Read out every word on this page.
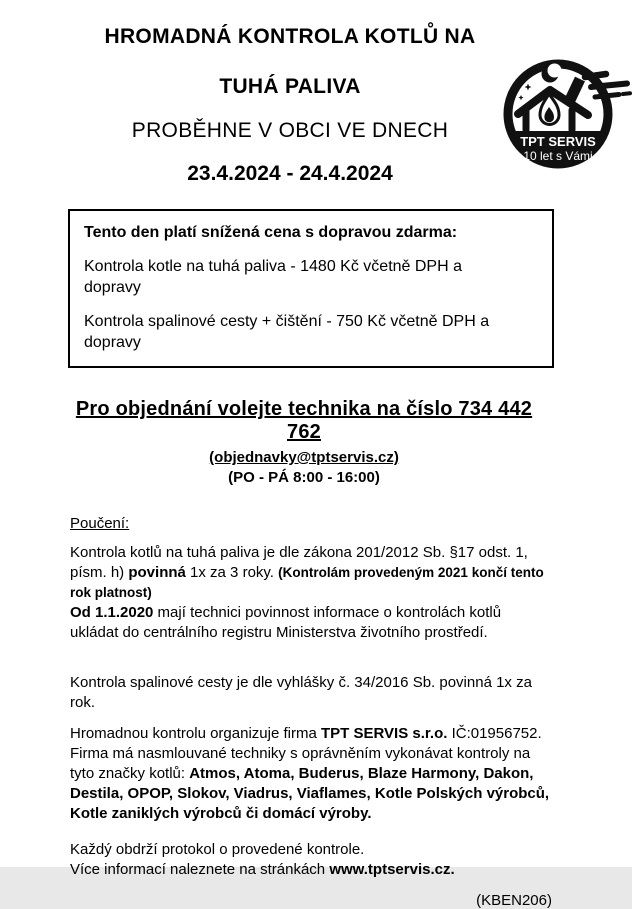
HROMADNÁ KONTROLA KOTLŮ NA
TUHÁ PALIVA
PROBĚHNE V OBCI VE DNECH
23.4.2024 - 24.4.2024
TPT SERVIS
10 let s Vámi
Tento den platí snížená cena s dopravou zdarma:
Kontrola kotle na tuhá paliva - 1480 Kč včetně DPH a dopravy
Kontrola spalinové cesty + čištění - 750 Kč včetně DPH a dopravy
Pro objednání volejte technika na číslo 734 442 762
(objednavky@tptservis.cz)
(PO - PÁ 8:00 - 16:00)
Poučení:
Kontrola kotlů na tuhá paliva je dle zákona 201/2012 Sb. §17 odst. 1, písm. h) povinná 1x za 3 roky. (Kontrolám provedeným 2021 končí tento rok platnost)
Od 1.1.2020 mají technici povinnost informace o kontrolách kotlů ukládat do centrálního registru Ministerstva životního prostředí.
Kontrola spalinové cesty je dle vyhlášky č. 34/2016 Sb. povinná 1x za rok.
Hromadnou kontrolu organizuje firma TPT SERVIS s.r.o. IČ:01956752. Firma má nasmlouvané techniky s oprávněním vykonávat kontroly na tyto značky kotlů: Atmos, Atoma, Buderus, Blaze Harmony, Dakon, Destila, OPOP, Slokov, Viadrus, Viaflames, Kotle Polských výrobců, Kotle zaniklých výrobců či domácí výroby.
Každý obdrží protokol o provedené kontrole.
Více informací naleznete na stránkách www.tptservis.cz.
(KBEN206)
